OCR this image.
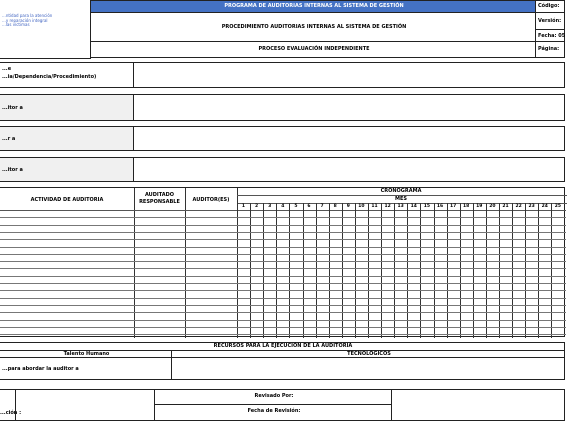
...ntidad para la atención
...y reparación integral
...las víctimas
PROGRAMA DE AUDITORIAS INTERNAS AL SISTEMA DE GESTIÓN
PROCEDIMIENTO AUDITORIAS INTERNAS AL SISTEMA DE GESTIÓN
PROCESO EVALUACIÓN INDEPENDIENTE
Código:
Versión:
Fecha: 05
Página:
...e
...ia/Dependencia/Procedimiento)
...itor a
...r a
...itor a
ACTIVIDAD DE AUDITORIA
AUDITADO RESPONSABLE	AUDITOR(ES)
CRONOGRAMA
MES
1	2	3	4	5	6	7	8	9	10	11	12	13	14	15	16	17	18	19	20	21	22	23	24	25
RECURSOS PARA LA EJECUCIÓN DE LA AUDITORIA
Talento Humano	TECNOLÓGICOS
...para abordar la auditor a
...ción :
Revisado Por:
Fecha de Revisión:
